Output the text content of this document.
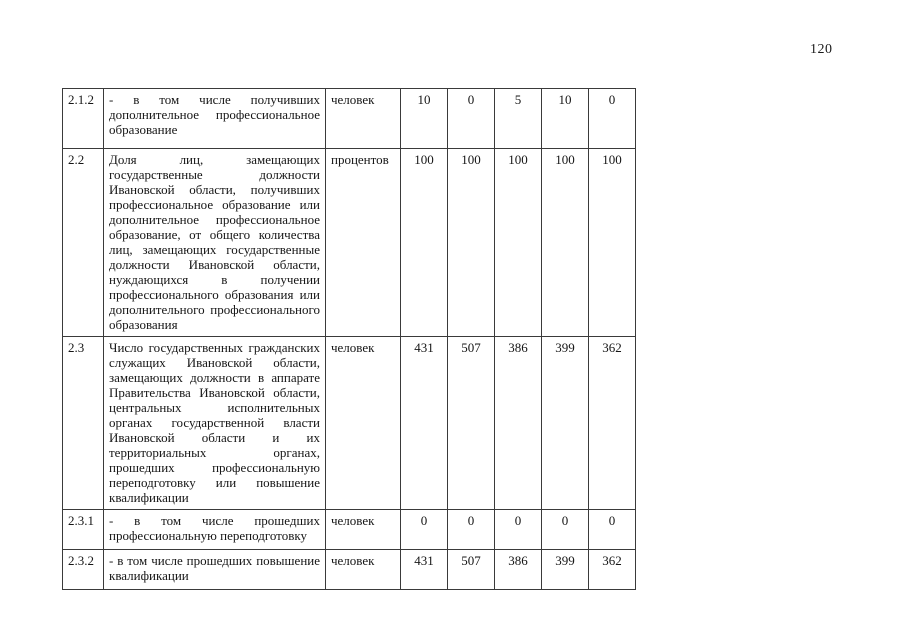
120
2.1.2	- в том числе получивших дополнительное профессиональное образование	человек	10	0	5	10	0
2.2	Доля лиц, замещающих государственные должности Ивановской области, получивших профессиональное образование или дополнительное профессиональное образование, от общего количества лиц, замещающих государственные должности Ивановской области, нуждающихся в получении профессионального образования или дополнительного профессионального образования	процентов	100	100	100	100	100
2.3	Число государственных гражданских служащих Ивановской области, замещающих должности в аппарате Правительства Ивановской области, центральных исполнительных органах государственной власти Ивановской области и их территориальных органах, прошедших профессиональную переподготовку или повышение квалификации	человек	431	507	386	399	362
2.3.1	- в том числе прошедших профессиональную переподготовку	человек	0	0	0	0	0
2.3.2	- в том числе прошедших повышение квалификации	человек	431	507	386	399	362
